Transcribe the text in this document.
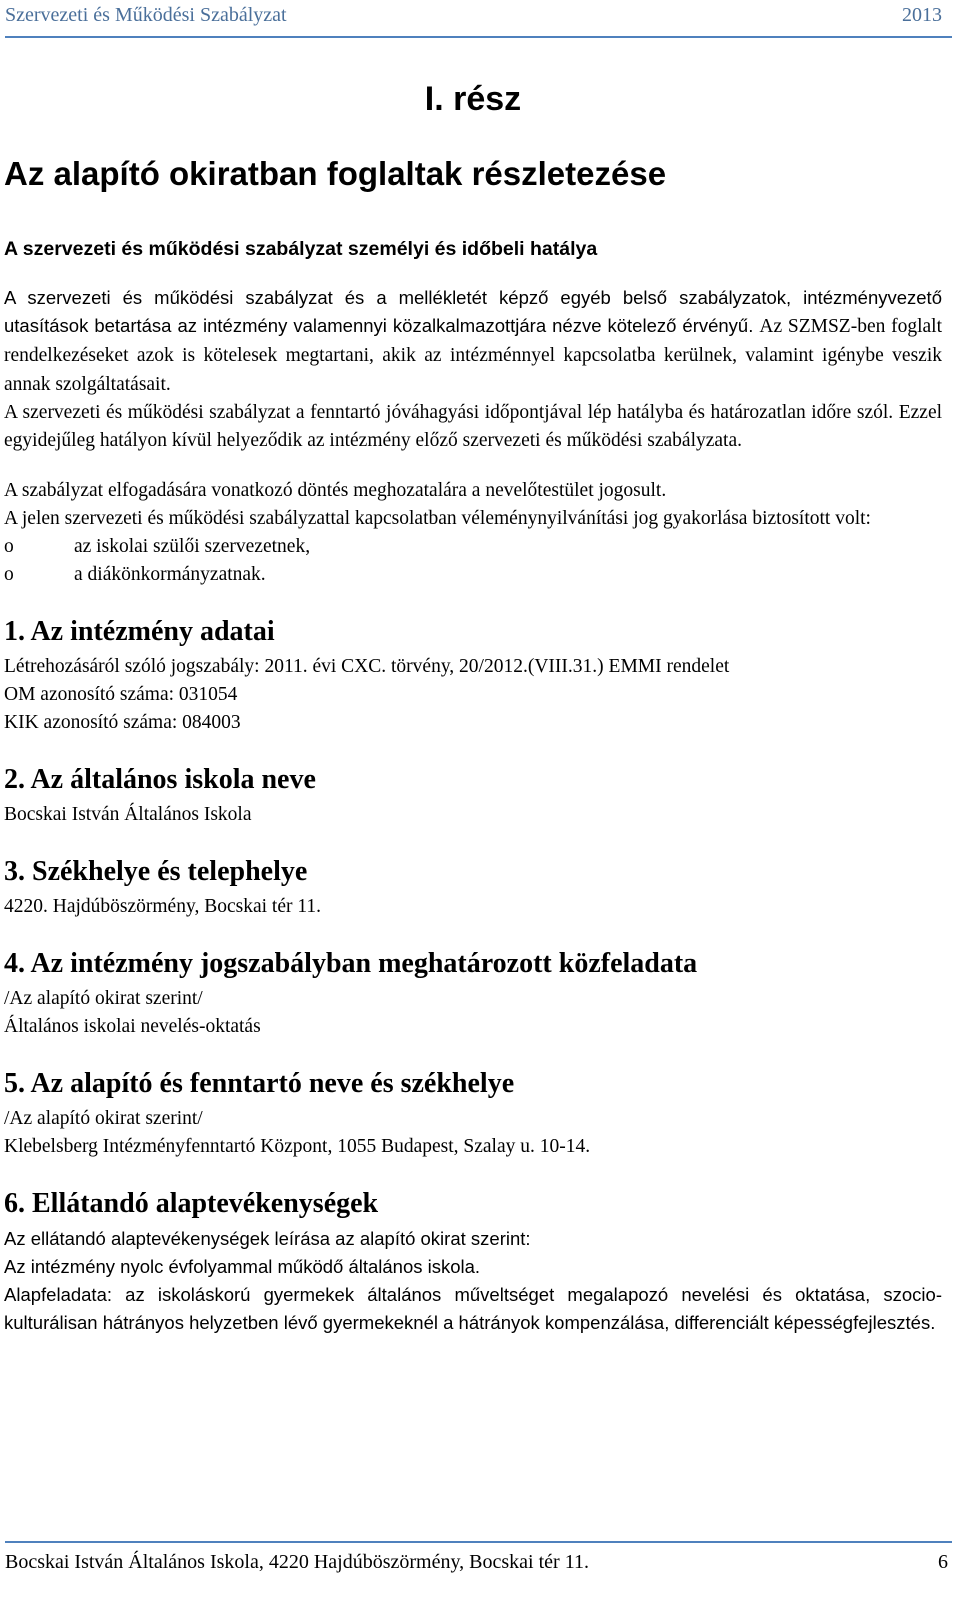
Szervezeti és Működési Szabályzat	2013
I. rész
Az alapító okiratban foglaltak részletezése
A szervezeti és működési szabályzat személyi és időbeli hatálya

A szervezeti és működési szabályzat és a mellékletét képző egyéb belső szabályzatok, intézményvezető utasítások betartása az intézmény valamennyi közalkalmazottjára nézve kötelező érvényű. Az SZMSZ-ben foglalt rendelkezéseket azok is kötelesek megtartani, akik az intézménnyel kapcsolatba kerülnek, valamint igénybe veszik annak szolgáltatásait.

A szervezeti és működési szabályzat a fenntartó jóváhagyási időpontjával lép hatályba és határozatlan időre szól. Ezzel egyidejűleg hatályon kívül helyeződik az intézmény előző szervezeti és működési szabályzata.

A szabályzat elfogadására vonatkozó döntés meghozatalára a nevelőtestület jogosult.

A jelen szervezeti és működési szabályzattal kapcsolatban véleménynyilvánítási jog gyakorlása biztosított volt:

o	az iskolai szülői szervezetnek,
o	a diákönkormányzatnak.
1. Az intézmény adatai

Létrehozásáról szóló jogszabály: 2011. évi CXC. törvény, 20/2012.(VIII.31.) EMMI rendelet

OM azonosító száma: 031054

KIK azonosító száma: 084003

2. Az általános iskola neve

Bocskai István Általános Iskola

3. Székhelye és telephelye

4220. Hajdúböszörmény, Bocskai tér 11.

4. Az intézmény jogszabályban meghatározott közfeladata

/Az alapító okirat szerint/

Általános iskolai nevelés-oktatás

5. Az alapító és fenntartó neve és székhelye

/Az alapító okirat szerint/

Klebelsberg Intézményfenntartó Központ, 1055 Budapest, Szalay u. 10-14.

6. Ellátandó alaptevékenységek

Az ellátandó alaptevékenységek leírása az alapító okirat szerint:

Az intézmény nyolc évfolyammal működő általános iskola.

Alapfeladata: az iskoláskorú gyermekek általános műveltséget megalapozó nevelési és oktatása, szocio-kulturálisan hátrányos helyzetben lévő gyermekeknél a hátrányok kompenzálása, differenciált képességfejlesztés.

Bocskai István Általános Iskola, 4220 Hajdúböszörmény, Bocskai tér 11.	6
